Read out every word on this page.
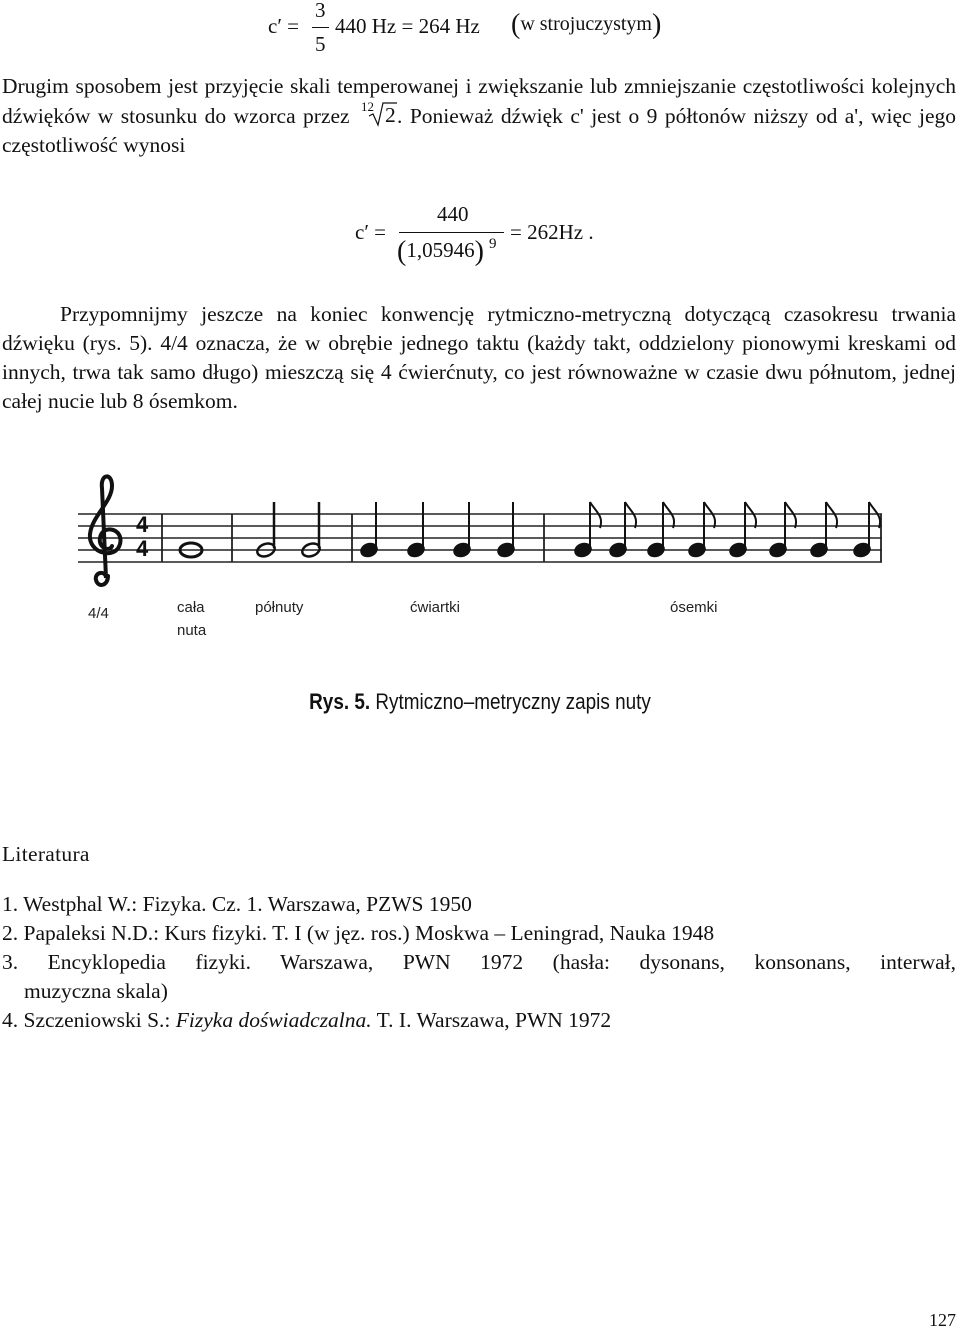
c′ =
3
5
440 Hz = 264 Hz (w strojuczystym)
Drugim sposobem jest przyjęcie skali temperowanej i zwiększanie lub zmniejszanie częstotliwości kolejnych dźwięków w stosunku do wzorca przez 12 2 . Ponieważ dźwięk c' jest o 9 półtonów niższy od a', więc jego częstotliwość wynosi
c′ =
440
(1,05946) 9 = 262Hz .
Przypomnijmy jeszcze na koniec konwencję rytmiczno-metryczną dotyczącą czasokresu trwania dźwięku (rys. 5). 4/4 oznacza, że w obrębie jednego taktu (każdy takt, oddzielony pionowymi kreskami od innych, trwa tak samo długo) mieszczą się 4 ćwierćnuty, co jest równoważne w czasie dwu półnutom, jednej całej nucie lub 8 ósemkom.
4
4
4/4	cała
nuta
półnuty	ćwiartki	ósemki
Rys. 5. Rytmiczno–metryczny zapis nuty
Literatura
1. Westphal W.: Fizyka. Cz. 1. Warszawa, PZWS 1950
2. Papaleksi N.D.: Kurs fizyki. T. I (w jęz. ros.) Moskwa – Leningrad, Nauka 1948
3. Encyklopedia fizyki. Warszawa, PWN 1972 (hasła: dysonans, konsonans, interwał,
muzyczna skala)
4. Szczeniowski S.: Fizyka doświadczalna. T. I. Warszawa, PWN 1972
127
